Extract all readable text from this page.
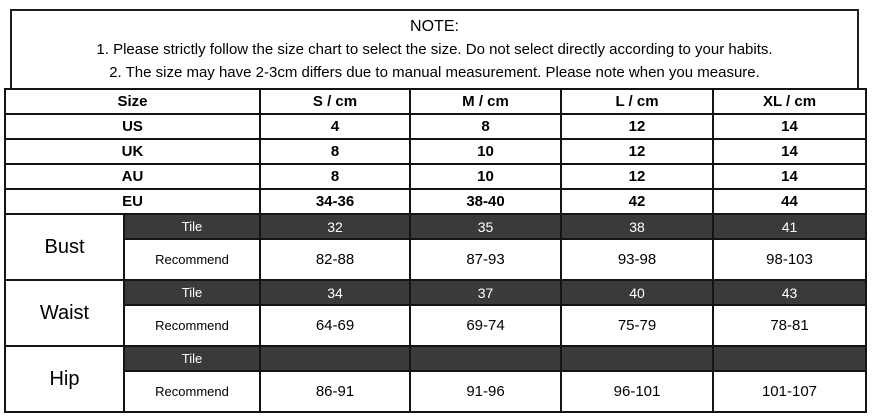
NOTE:
1. Please strictly follow the size chart to select the size. Do not select directly according to your habits.
2. The size may have 2-3cm differs due to manual measurement. Please note when you measure.
Size		S / cm	M / cm	L / cm	XL / cm
US		4	8	12	14
UK		8	10	12	14
AU		8	10	12	14
EU		34-36	38-40	42	44
Bust	Tile	32	35	38	41
	Recommend	82-88	87-93	93-98	98-103
Waist	Tile	34	37	40	43
	Recommend	64-69	69-74	75-79	78-81
Hip	Tile				
	Recommend	86-91	91-96	96-101	101-107
